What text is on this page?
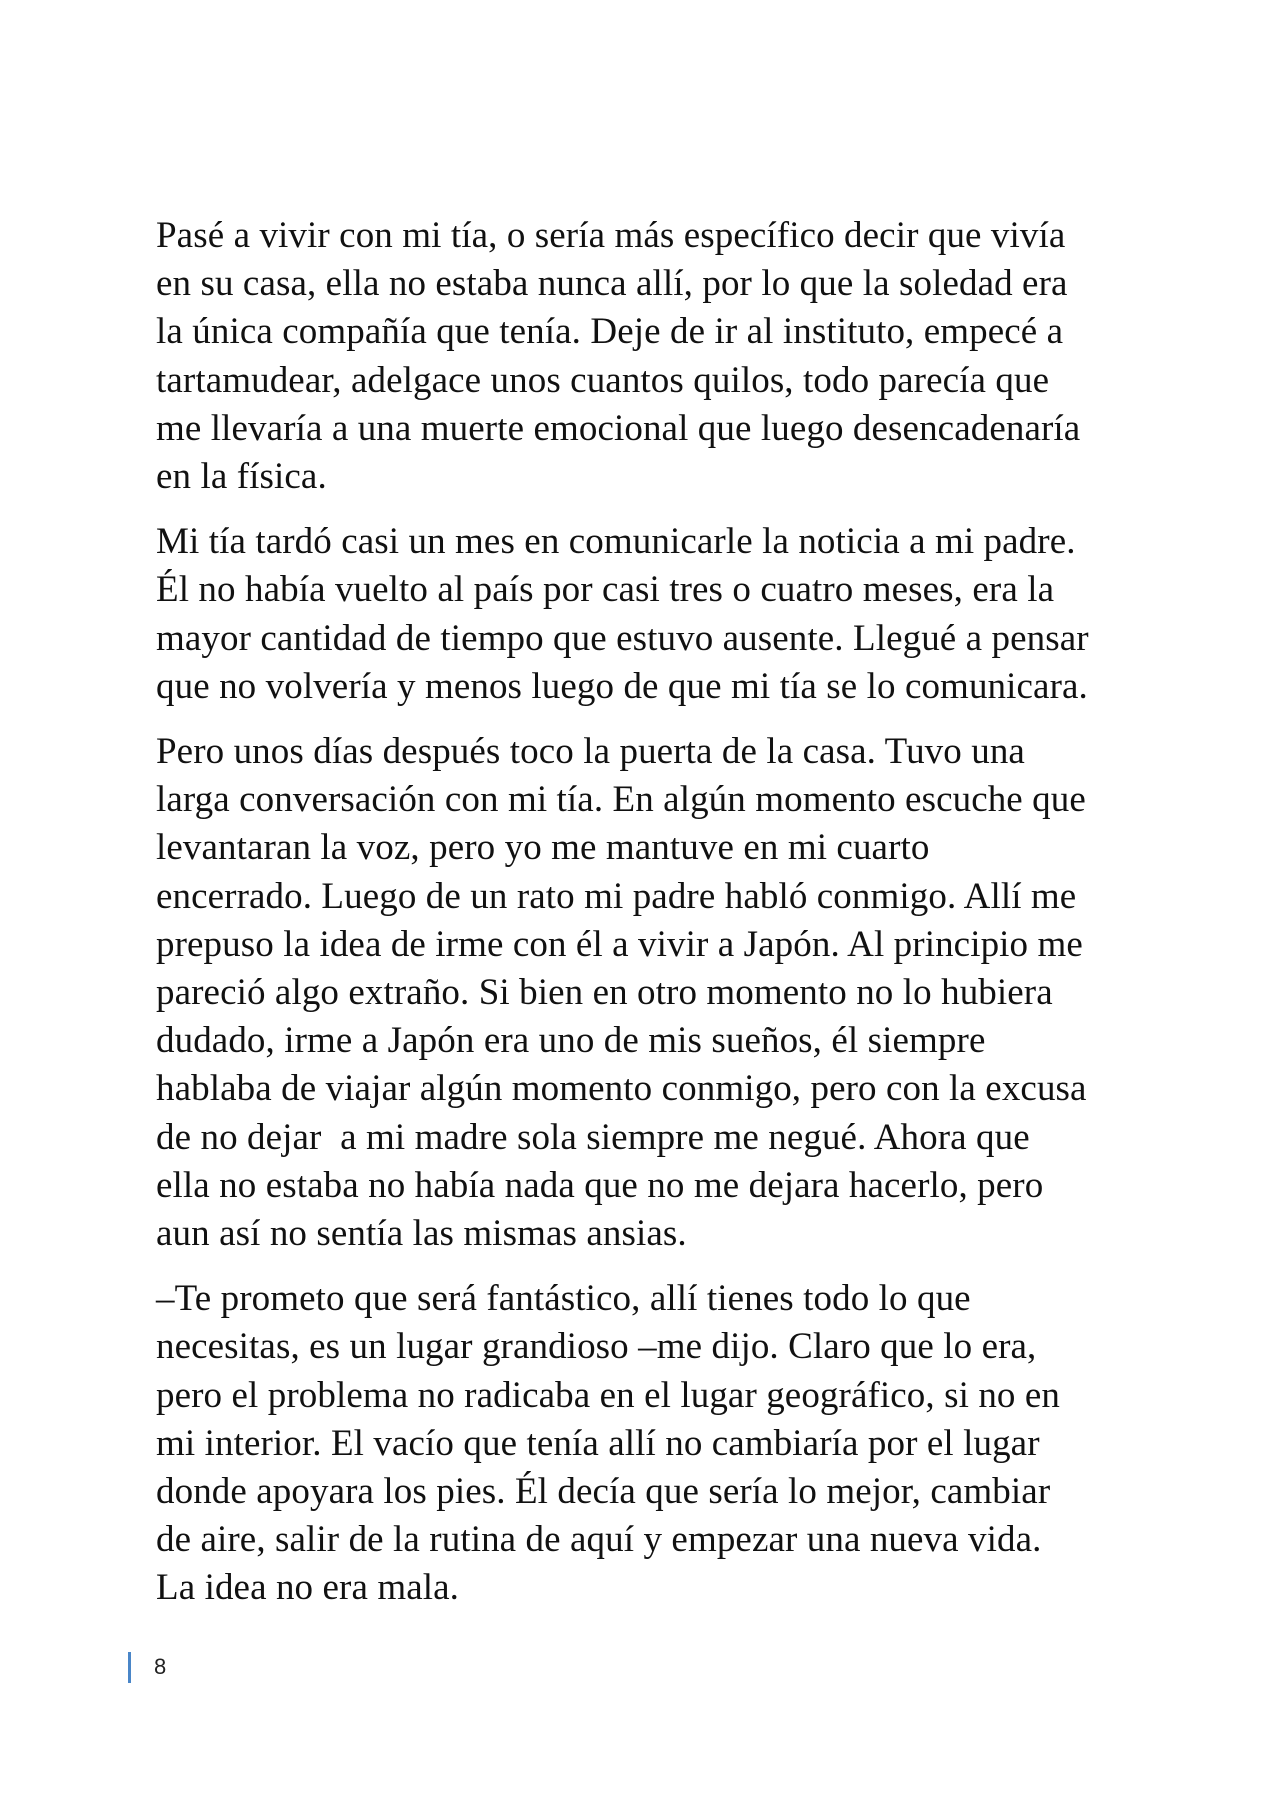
Pasé a vivir con mi tía, o sería más específico decir que vivía
en su casa, ella no estaba nunca allí, por lo que la soledad era
la única compañía que tenía. Deje de ir al instituto, empecé a
tartamudear, adelgace unos cuantos quilos, todo parecía que
me llevaría a una muerte emocional que luego desencadenaría
en la física.
Mi tía tardó casi un mes en comunicarle la noticia a mi padre.
Él no había vuelto al país por casi tres o cuatro meses, era la
mayor cantidad de tiempo que estuvo ausente. Llegué a pensar
que no volvería y menos luego de que mi tía se lo comunicara.
Pero unos días después toco la puerta de la casa. Tuvo una
larga conversación con mi tía. En algún momento escuche que
levantaran la voz, pero yo me mantuve en mi cuarto
encerrado. Luego de un rato mi padre habló conmigo. Allí me
prepuso la idea de irme con él a vivir a Japón. Al principio me
pareció algo extraño. Si bien en otro momento no lo hubiera
dudado, irme a Japón era uno de mis sueños, él siempre
hablaba de viajar algún momento conmigo, pero con la excusa
de no dejar  a mi madre sola siempre me negué. Ahora que
ella no estaba no había nada que no me dejara hacerlo, pero
aun así no sentía las mismas ansias.
–Te prometo que será fantástico, allí tienes todo lo que
necesitas, es un lugar grandioso –me dijo. Claro que lo era,
pero el problema no radicaba en el lugar geográfico, si no en
mi interior. El vacío que tenía allí no cambiaría por el lugar
donde apoyara los pies. Él decía que sería lo mejor, cambiar
de aire, salir de la rutina de aquí y empezar una nueva vida.
La idea no era mala.
8
